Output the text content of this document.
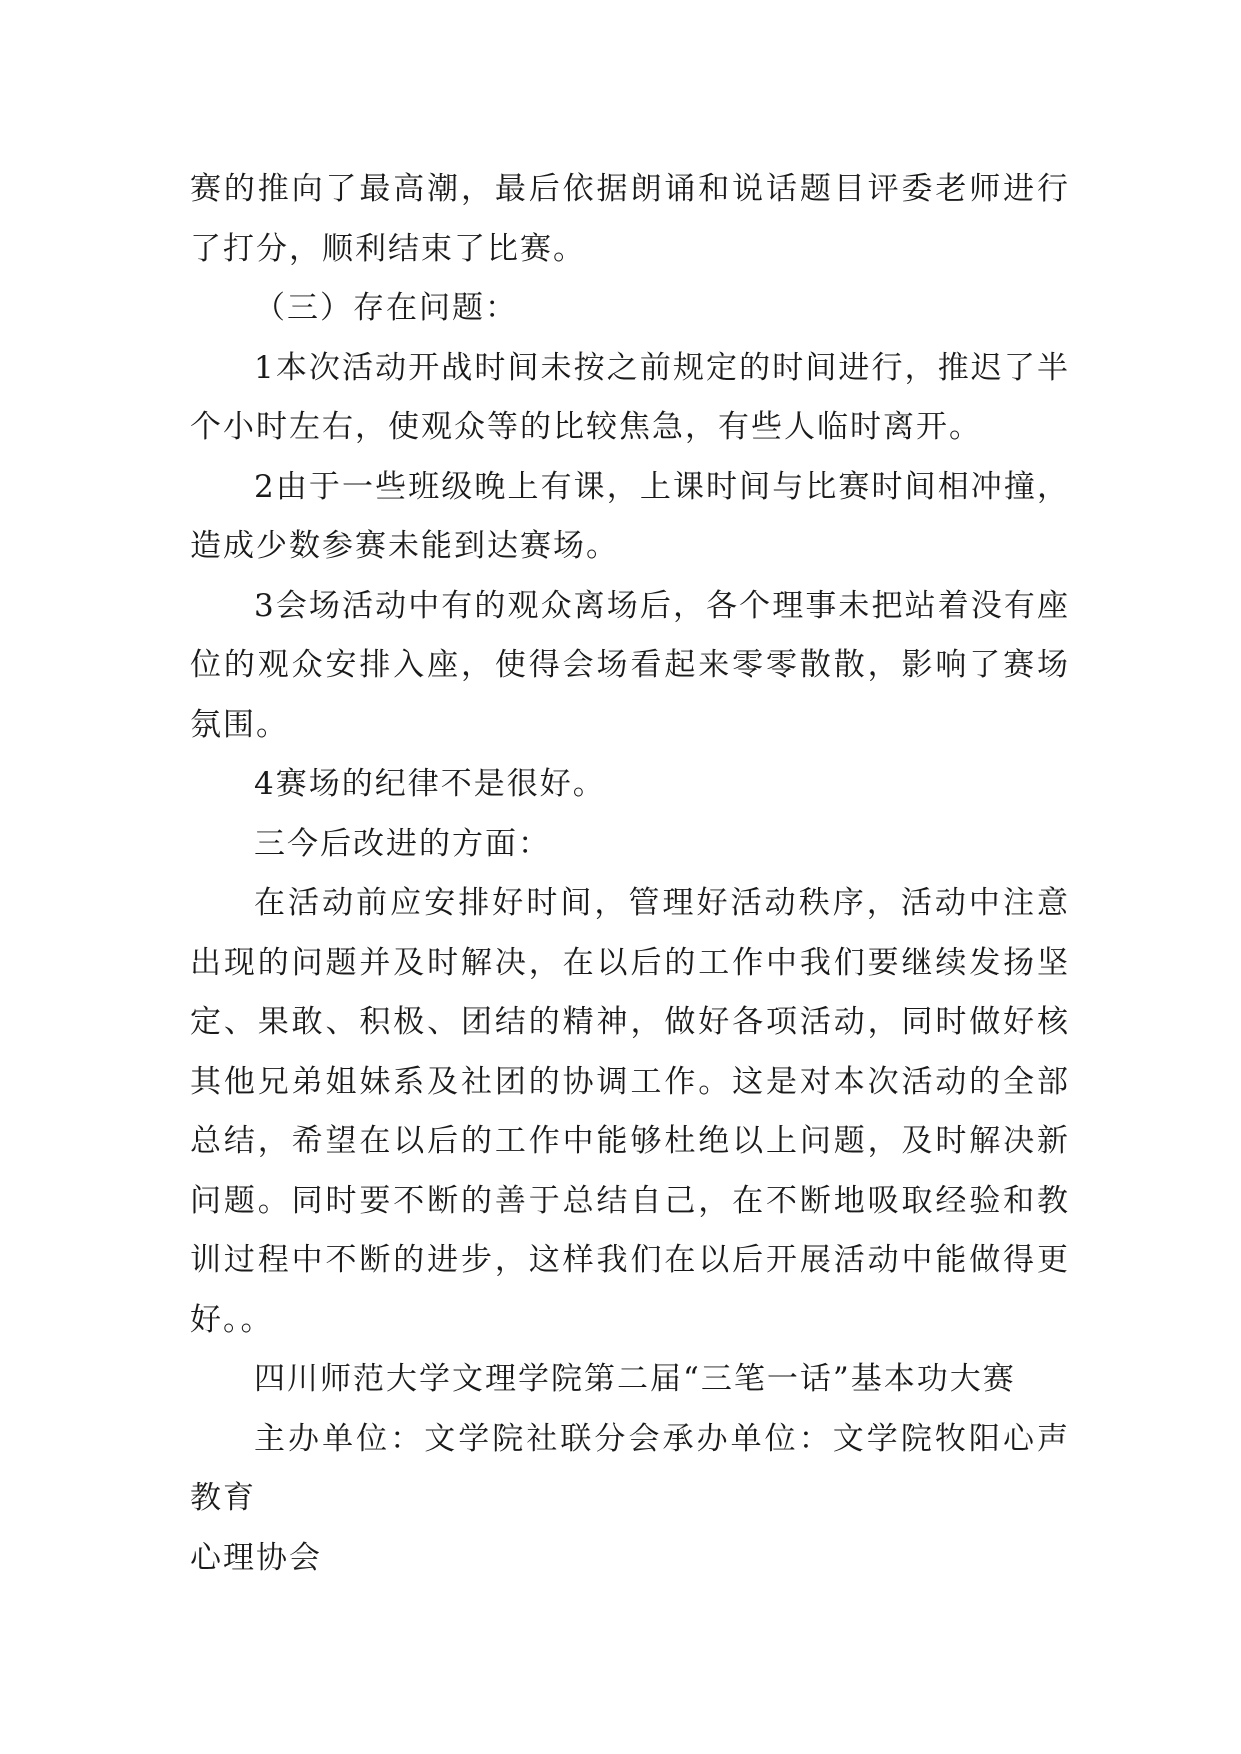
赛的推向了最高潮，最后依据朗诵和说话题目评委老师进行了打分，顺利结束了比赛。

（三）存在问题：

1本次活动开战时间未按之前规定的时间进行，推迟了半个小时左右，使观众等的比较焦急，有些人临时离开。

2由于一些班级晚上有课，上课时间与比赛时间相冲撞，造成少数参赛未能到达赛场。

3会场活动中有的观众离场后，各个理事未把站着没有座位的观众安排入座，使得会场看起来零零散散，影响了赛场氛围。

4赛场的纪律不是很好。

三今后改进的方面：

在活动前应安排好时间，管理好活动秩序，活动中注意出现的问题并及时解决，在以后的工作中我们要继续发扬坚定、果敢、积极、团结的精神，做好各项活动，同时做好核其他兄弟姐妹系及社团的协调工作。这是对本次活动的全部总结，希望在以后的工作中能够杜绝以上问题，及时解决新问题。同时要不断的善于总结自己，在不断地吸取经验和教训过程中不断的进步，这样我们在以后开展活动中能做得更好。。

四川师范大学文理学院第二届“三笔一话”基本功大赛

主办单位：文学院社联分会承办单位：文学院牧阳心声教育

心理协会
